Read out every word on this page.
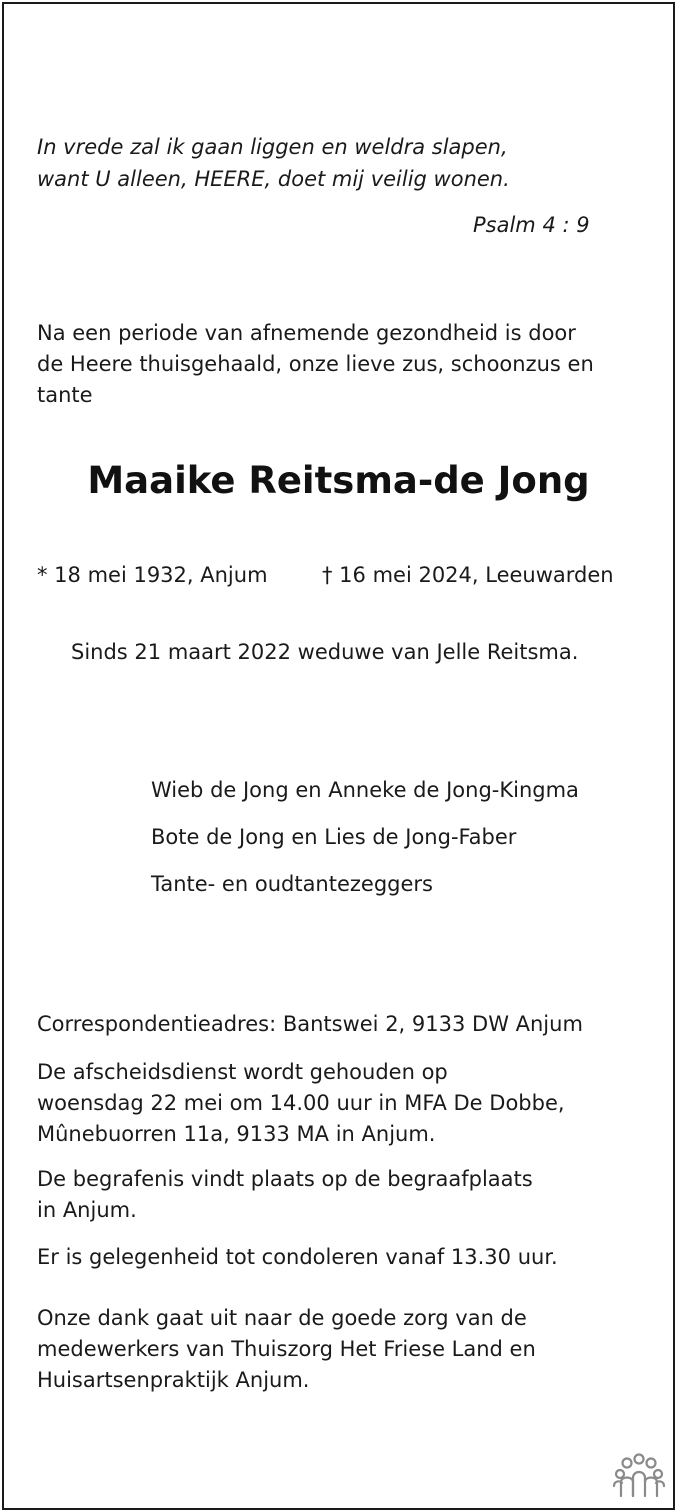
In vrede zal ik gaan liggen en weldra slapen,

want U alleen, HEERE, doet mij veilig wonen.

Psalm 4 : 9

Na een periode van afnemende gezondheid is door

de Heere thuisgehaald, onze lieve zus, schoonzus en

tante

Maaike Reitsma-de Jong

* 18 mei 1932, Anjum	† 16 mei 2024, Leeuwarden

Sinds 21 maart 2022 weduwe van Jelle Reitsma.

Wieb de Jong en Anneke de Jong-Kingma

Bote de Jong en Lies de Jong-Faber

Tante- en oudtantezeggers

Correspondentieadres: Bantswei 2, 9133 DW Anjum

De afscheidsdienst wordt gehouden op

woensdag 22 mei om 14.00 uur in MFA De Dobbe,

Mûnebuorren 11a, 9133 MA in Anjum.

De begrafenis vindt plaats op de begraafplaats

in Anjum.

Er is gelegenheid tot condoleren vanaf 13.30 uur.

Onze dank gaat uit naar de goede zorg van de

medewerkers van Thuiszorg Het Friese Land en

Huisartsenpraktijk Anjum.
